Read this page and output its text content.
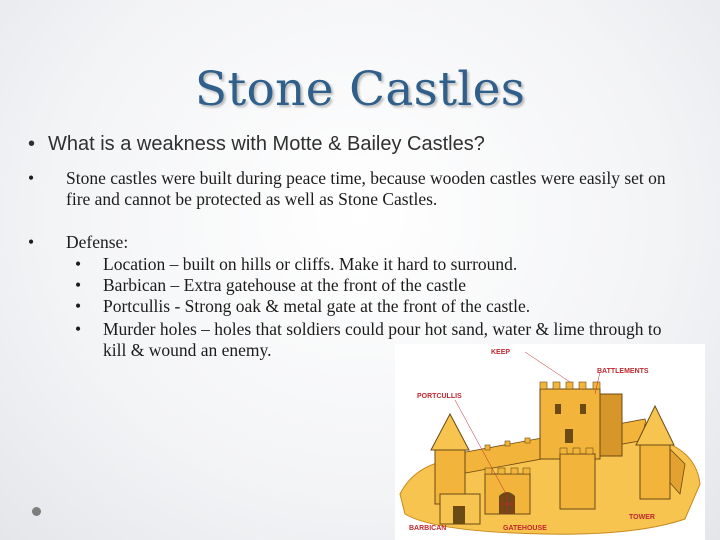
Stone Castles
• What is a weakness with Motte & Bailey Castles?
• Stone castles were built during peace time, because wooden castles were easily set on fire and cannot be protected as well as Stone Castles.
• Defense:
• Location – built on hills or cliffs. Make it hard to surround.
• Barbican – Extra gatehouse at the front of the castle
• Portcullis - Strong oak & metal gate at the front of the castle.
• Murder holes – holes that soldiers could pour hot sand, water & lime through to kill & wound an enemy.	KEEP
BATTLEMENTS
PORTCULLIS
BARBICAN	GATEHOUSE
TOWER
